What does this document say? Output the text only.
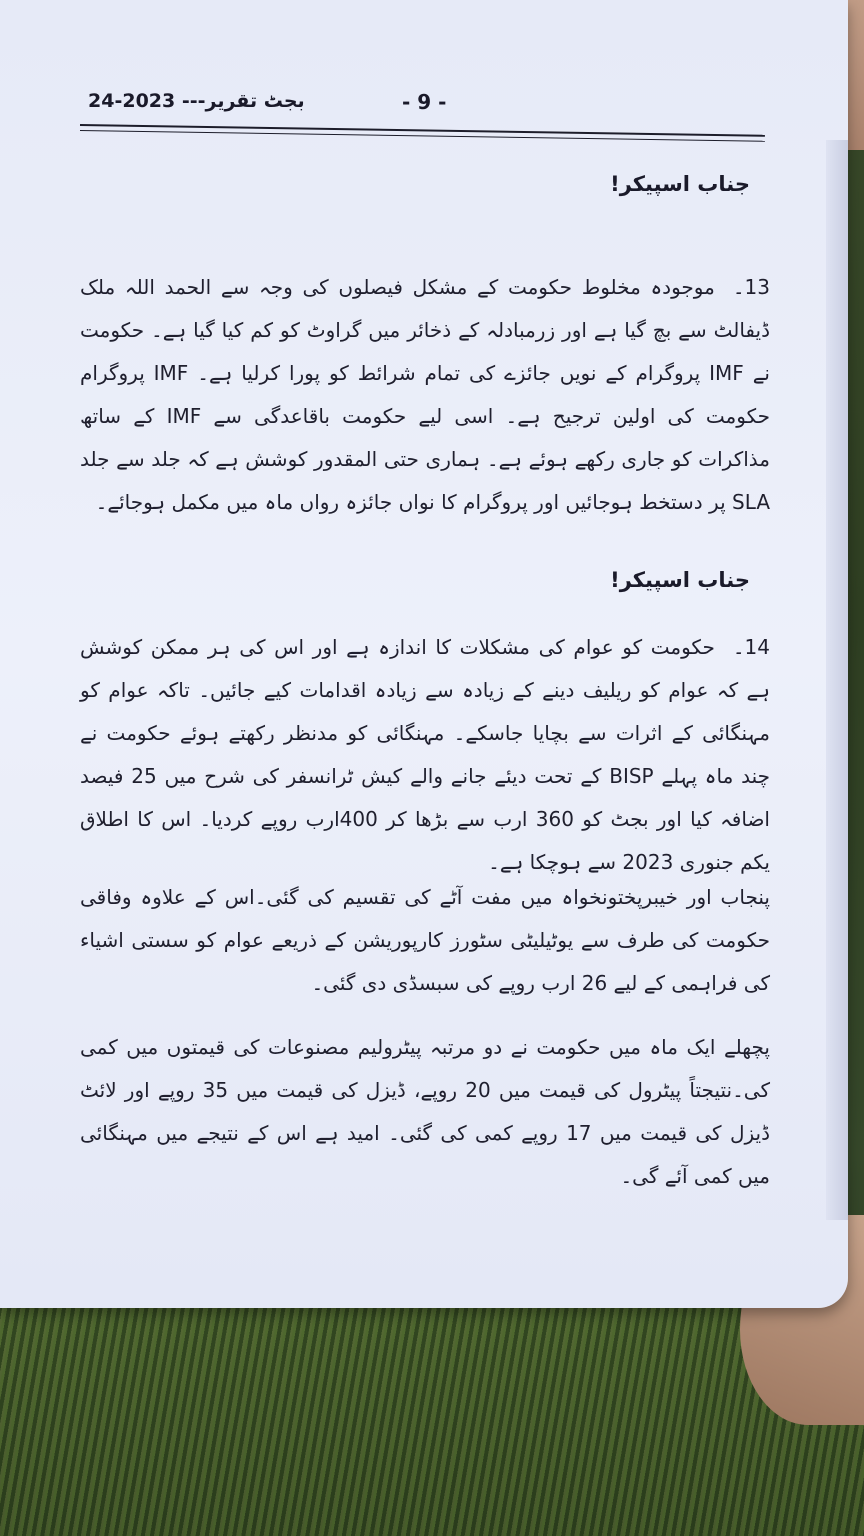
بجٹ تقریر--- 2023-24	- 9 -
جناب اسپیکر!
13۔موجودہ مخلوط حکومت کے مشکل فیصلوں کی وجہ سے الحمد اللہ ملک ڈیفالٹ سے بچ گیا ہے اور زرمبادلہ کے ذخائر میں گراوٹ کو کم کیا گیا ہے۔ حکومت نے IMF پروگرام کے نویں جائزے کی تمام شرائط کو پورا کرلیا ہے۔ IMF پروگرام حکومت کی اولین ترجیح ہے۔ اسی لیے حکومت باقاعدگی سے IMF کے ساتھ مذاکرات کو جاری رکھے ہوئے ہے۔ ہماری حتی المقدور کوشش ہے کہ جلد سے جلد SLA پر دستخط ہوجائیں اور پروگرام کا نواں جائزہ رواں ماہ میں مکمل ہوجائے۔
جناب اسپیکر!
14۔حکومت کو عوام کی مشکلات کا اندازہ ہے اور اس کی ہر ممکن کوشش ہے کہ عوام کو ریلیف دینے کے زیادہ سے زیادہ اقدامات کیے جائیں۔ تاکہ عوام کو مہنگائی کے اثرات سے بچایا جاسکے۔ مہنگائی کو مدنظر رکھتے ہوئے حکومت نے چند ماہ پہلے BISP کے تحت دیئے جانے والے کیش ٹرانسفر کی شرح میں 25 فیصد اضافہ کیا اور بجٹ کو 360 ارب سے بڑھا کر 400ارب روپے کردیا۔ اس کا اطلاق یکم جنوری 2023 سے ہوچکا ہے۔
پنجاب اور خیبرپختونخواہ میں مفت آٹے کی تقسیم کی گئی۔اس کے علاوہ وفاقی حکومت کی طرف سے یوٹیلیٹی سٹورز کارپوریشن کے ذریعے عوام کو سستی اشیاء کی فراہمی کے لیے 26 ارب روپے کی سبسڈی دی گئی۔
پچھلے ایک ماہ میں حکومت نے دو مرتبہ پیٹرولیم مصنوعات کی قیمتوں میں کمی کی۔نتیجتاً پیٹرول کی قیمت میں 20 روپے، ڈیزل کی قیمت میں 35 روپے اور لائٹ ڈیزل کی قیمت میں 17 روپے کمی کی گئی۔ امید ہے اس کے نتیجے میں مہنگائی میں کمی آئے گی۔
